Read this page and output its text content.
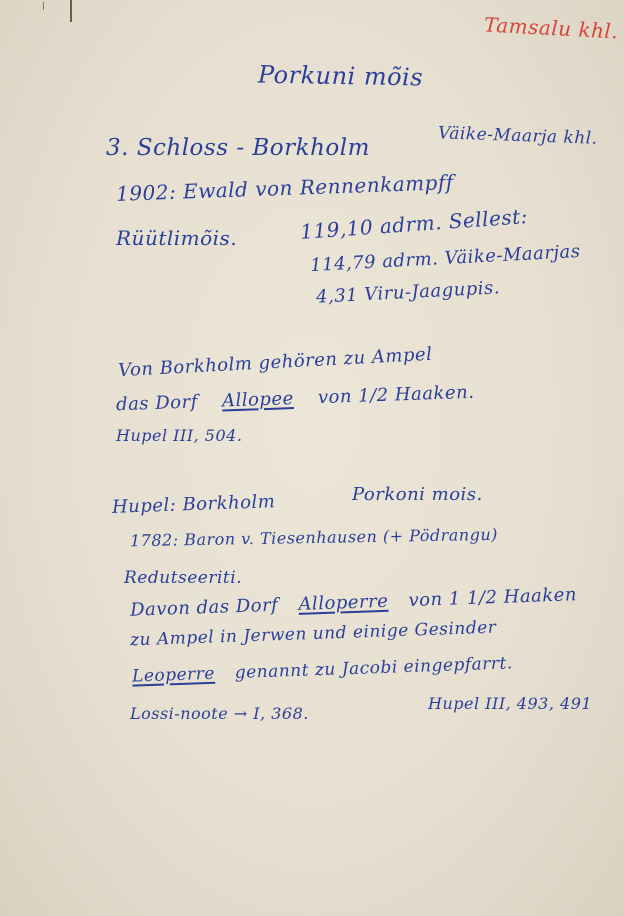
Tamsalu khl.
Porkuni mõis
3. Schloss - Borkholm	Väike-Maarja khl.
1902: Ewald von Rennenkampff
Rüütlimõis.	119,10 adrm. Sellest:
114,79 adrm. Väike-Maarjas
4,31 Viru-Jaagupis.
Von Borkholm gehören zu Ampel
das Dorf Allopee von 1/2 Haaken.
Hupel III, 504.
Hupel: Borkholm	Porkoni mois.
1782: Baron v. Tiesenhausen (+ Pödrangu)
Redutseeriti.
Davon das Dorf Alloperre von 1 1/2 Haaken
zu Ampel in Jerwen und einige Gesinder
Leoperre genannt zu Jacobi eingepfarrt.
Lossi-noote → I, 368.
Hupel III, 493, 491
